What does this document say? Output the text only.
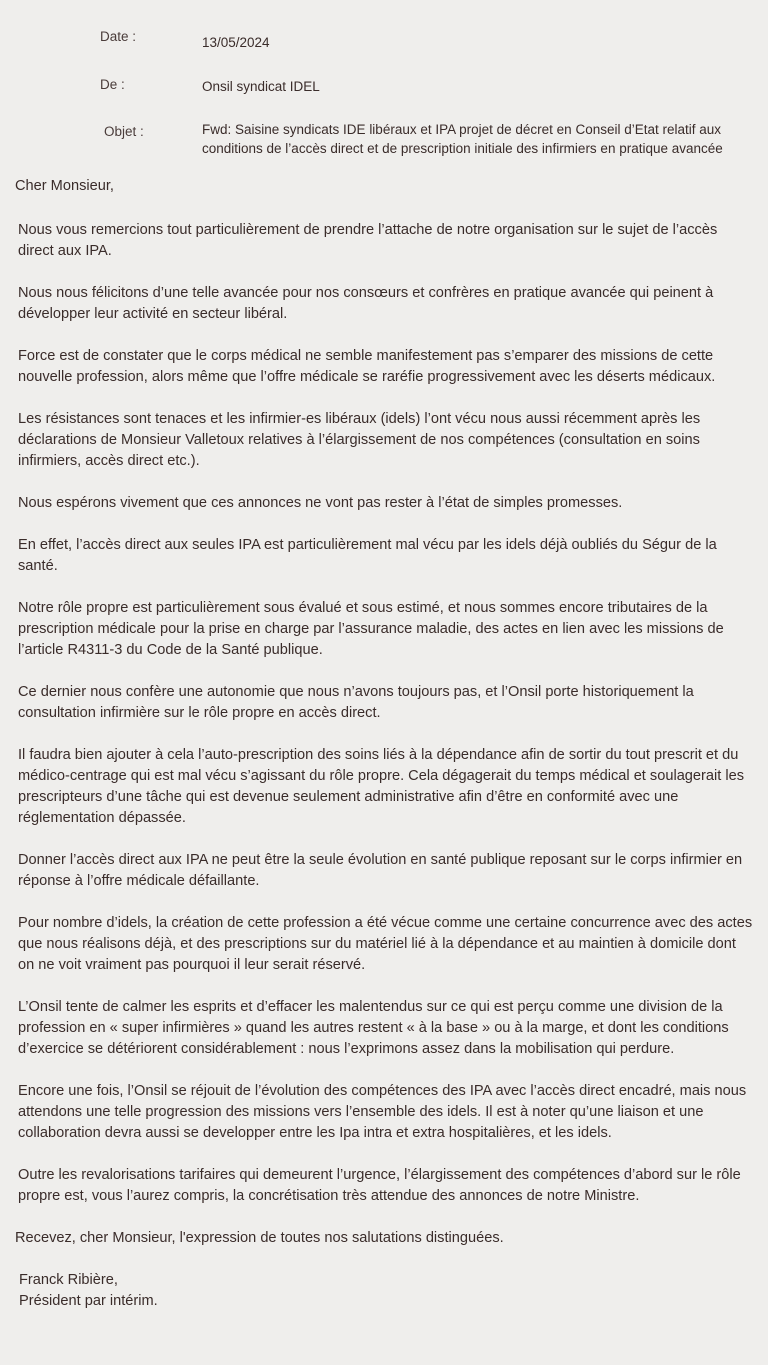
Date :	13/05/2024
De :	Onsil syndicat IDEL
Objet :	Fwd: Saisine syndicats IDE libéraux et IPA projet de décret en Conseil d’Etat relatif aux conditions de l’accès direct et de prescription initiale des infirmiers en pratique avancée

Cher Monsieur,

Nous vous remercions tout particulièrement de prendre l’attache de notre organisation sur le sujet de l’accès direct aux IPA.

Nous nous félicitons d’une telle avancée pour nos consœurs et confrères en pratique avancée qui peinent à développer leur activité en secteur libéral.

Force est de constater que le corps médical ne semble manifestement pas s’emparer des missions de cette nouvelle profession, alors même que l’offre médicale se raréfie progressivement avec les déserts médicaux.

Les résistances sont tenaces et les infirmier-es libéraux (idels) l’ont vécu nous aussi récemment après les déclarations de Monsieur Valletoux relatives à l’élargissement de nos compétences (consultation en soins infirmiers, accès direct etc.).

Nous espérons vivement que ces annonces ne vont pas rester à l’état de simples promesses.

En effet, l’accès direct aux seules IPA est particulièrement mal vécu par les idels déjà oubliés du Ségur de la santé.

Notre rôle propre est particulièrement sous évalué et sous estimé, et nous sommes encore tributaires de la prescription médicale pour la prise en charge par l’assurance maladie, des actes en lien avec les missions de l’article R4311-3 du Code de la Santé publique.

Ce dernier nous confère une autonomie que nous n’avons toujours pas, et l’Onsil porte historiquement la consultation infirmière sur le rôle propre en accès direct.

Il faudra bien ajouter à cela l’auto-prescription des soins liés à la dépendance afin de sortir du tout prescrit et du médico-centrage qui est mal vécu s’agissant du rôle propre. Cela dégagerait du temps médical et soulagerait les prescripteurs d’une tâche qui est devenue seulement administrative afin d’être en conformité avec une réglementation dépassée.

Donner l’accès direct aux IPA ne peut être la seule évolution en santé publique reposant sur le corps infirmier en réponse à l’offre médicale défaillante.

Pour nombre d’idels, la création de cette profession a été vécue comme une certaine concurrence avec des actes que nous réalisons déjà, et des prescriptions sur du matériel lié à la dépendance et au maintien à domicile dont on ne voit vraiment pas pourquoi il leur serait réservé.

L’Onsil tente de calmer les esprits et d’effacer les malentendus sur ce qui est perçu comme une division de la profession en « super infirmières » quand les autres restent « à la base » ou à la marge, et dont les conditions d’exercice se détériorent considérablement : nous l’exprimons assez dans la mobilisation qui perdure.

Encore une fois, l’Onsil se réjouit de l’évolution des compétences des IPA avec l’accès direct encadré, mais nous attendons une telle progression des missions vers l’ensemble des idels. Il est à noter qu’une liaison et une collaboration devra aussi se developper entre les Ipa intra et extra hospitalières, et les idels.

Outre les revalorisations tarifaires qui demeurent l’urgence, l’élargissement des compétences d’abord sur le rôle propre est, vous l’aurez compris, la concrétisation très attendue des annonces de notre Ministre.

Recevez, cher Monsieur, l'expression de toutes nos salutations distinguées.

Franck Ribière,
Président par intérim.
